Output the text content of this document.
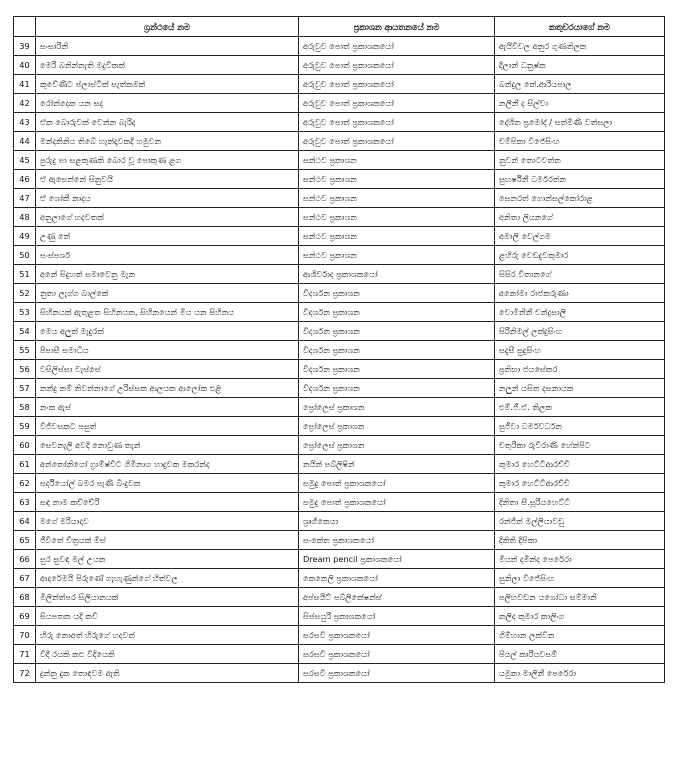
	ග්‍රන්ථයේ නම	ප්‍රකාශන ආයතනයේ නම	කතුවරයාගේ නම
39	සංසාරිනි	අරුවුව පොත් ප්‍රකාශකයෝ	ඇයිවිවල අනුර ගුණතිලක
40	මෙරි බනින්නැති මදුවිකක්	අරුවුව පොත් ප්‍රකාශකයෝ	දිලාන් ධනුෂ්ක
41	කුවේණිට ප්ලාස්ටික් සැත්කමක්	අරුවුව පොත් ප්‍රකාශකයෝ	බන්දුල කේ.ආරියපාල
42	රෝන්දෙක යන සද	අරුවුව පොත් ප්‍රකාශකයෝ	නලිනී ද සිල්වා
43	ඒක බොරුවක් වෙන්න බැරිද	අරුවුව පොත් ප්‍රකාශකයෝ	දේශිත ප්‍රමෝද් / සත්මිණි වත්සලා
44	මන්දකිනිය තිබේ හැන්දෑවකදී හමුවන	අරුවුව පොත් ප්‍රකාශකයෝ	චම්පිකා විජේසිංහ
45	පුරුදු පා සළකුණකි බොර වූ පොකුණ ළග	සන්ථව ප්‍රකාශන	නුවන් තොටවත්ත
46	ඒ ඇසෙන්නේ සිනුවයි	සන්ථව ප්‍රකාශන	සුහර්ෂිනී ධර්මරත්න
47	ඒ ශෝකී නාදය	සන්ථව ප්‍රකාශන	සෙනරත් ගොන්සල්කෝරාළ
48	අනුලාගේ හදවතක්	සන්ථව ප්‍රකාශන	අනිතා ලියනගේ
49	උණු තේ	සන්ථව ප්‍රකාශන	අමාලි වෙල්ගම
50	සංස්පර්ශ	සන්ථව ප්‍රකාශන	ළහිරු වෙඩදුවකුමාර
51	අනේ සිදුහත් සමාවෙනු මැන	ආශිර්වාද ප්‍රකාශකයෝ	සිසිර විතානගේ
52	නුතා ලැග්ග බාල්කේ	විදර්ශන ප්‍රකාශන	අනෝමා රාජකරුණා
53	සිහිනයක් ඇතුළත සිහිනයක, සිහිනයෙන් මිය යන සිහිනය	විදර්ශන ප්‍රකාශන	වොමිනීනී චන්ද්‍රසාලි
54	මෙය අලුත් මැදුරක්	විදර්ශන ප්‍රකාශන	සිරිනිමල් ලක්දුසිංහ
55	පිපාසී සමාධිය	විදර්ශන ප්‍රකාශන	සදැසී සුදුසිංහ
56	වසිලිස්සා වැස්සේ	විදර්ශන ප්‍රකාශන	ප්‍රතිභා ජයසේකර
57	නන්දු නම් තිවන්නාගේ උරිස්සක ආලයක ආලෝක එළි	විදර්ශන ප්‍රකාශන	නලුන් යසිත දසනායක
58	නංක ඇස්	ප්‍රෝලෙස් ප්‍රකාශන	එම්.ජී.ඒ. තිලක
59	විජිවසකට පසුත්	ප්‍රෝලෙස් ප්‍රකාශන	සුජීවා ධර්මවර්ධන
60	සෙවනැලි අවදි නොවුණ තැන්	ප්‍රෝලෙස් ප්‍රකාශන	චතුරිකා රුවිරාණි හේන්පිට
61	අන්තෝනියෝ ග්‍රාම්ෂ්චිට ගිමිනාග හාදුවක මකරන්ද	නයින් පබ්ලිෂින්	කුමාර හෙට්ටිආරච්චි
62	සර්දියෝල් බමර පැණි බිංදුවක	සමුදු පොත් ප්‍රකාශකයෝ	කුමාර හෙට්ටිආරච්චි
63	සඳ නාම කච්චේරි	සමුදු පොත් ප්‍රකාශකයෝ	දිනිතා සී.සූරියහෙට්ටි
64	මගේ මරියාදාව	ශ්‍රෘගීකෙයා	රන්ජිත් මල්ලියාවඩු
65	ජීවිතේ චිත්‍රයක් මිස්	සංකේත ප්‍රකාශකයෝ	දිනිති දිපිකා
66	සුර සුවඳ මල් උයන	Dream pencil ප්‍රකාශකයෝ	මියන් දමින්ද පෙරේරා
67	ආදරේමයි පිරුණේ ගැහැණුන්ගේ හිත්වල	කෙනෙලි ප්‍රකාශකයෝ	සුනිලා විජේසිංහ
68	මිලින්ත්පර සිලියානයක්	අප්සයිට් පබ්ලිකේෂන්ස්	පලිහවඩන යශෝධා සම්මානි
69	සියපතක යදි කවි	සිප්සයුරි ප්‍රකාශකයෝ	කලිද කුමාර කාලිංග
70	හිරු නොඅත් හිරුගේ හදවත්	සරසවි ප්‍රකාශකයෝ	ගිම්හාන ලක්වින
71	විදී රයකි කළු විදියෙකි	සරසවි ප්‍රකාශකයෝ	පියල් කාරියවසම්
72	දුන්නු දුක තොඳවම ඇති	සරසවි ප්‍රකාශකයෝ	යමුනා මාලිනී පෙරේරා
